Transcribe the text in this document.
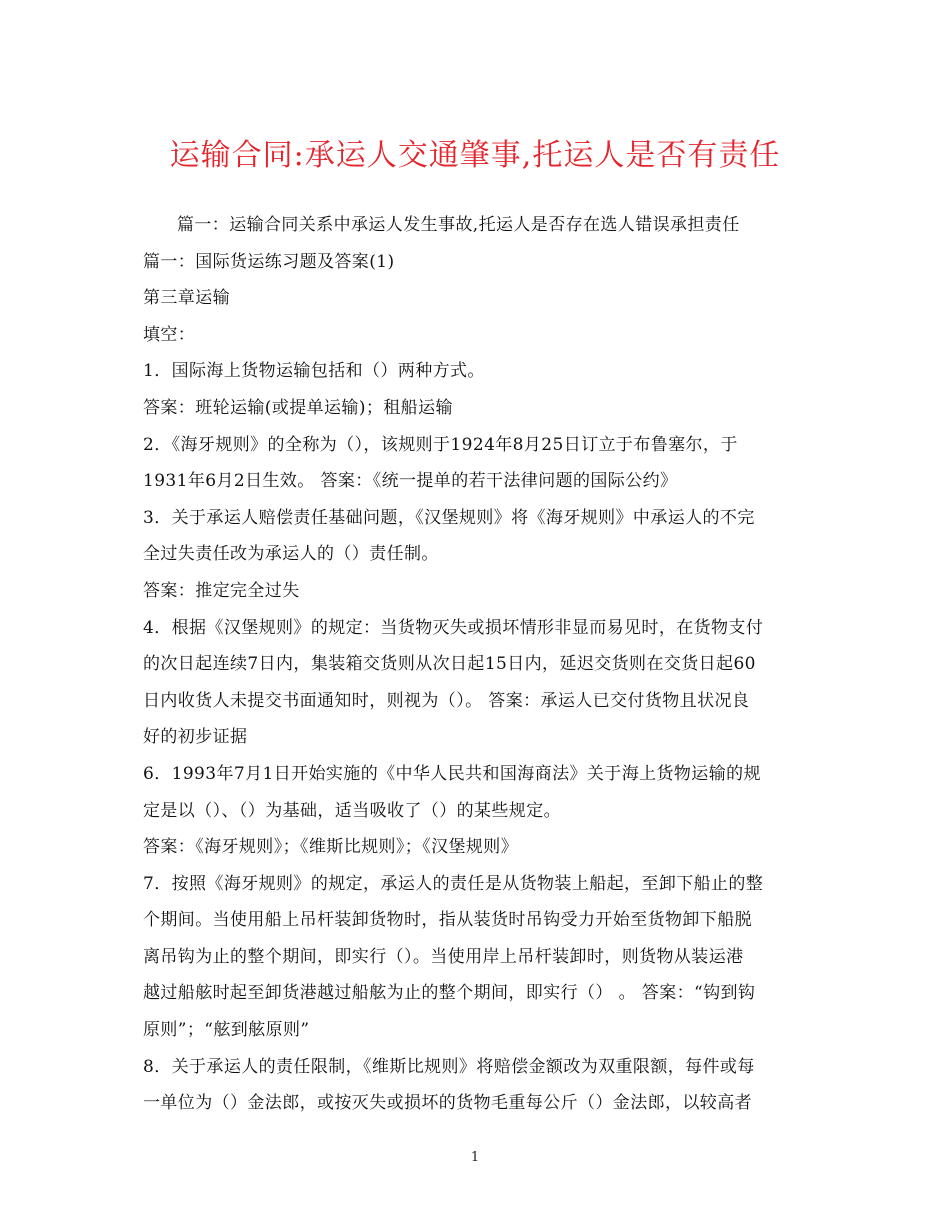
运输合同:承运人交通肇事,托运人是否有责任

篇一：运输合同关系中承运人发生事故,托运人是否存在选人错误承担责任

篇一：国际货运练习题及答案(1)

第三章运输

填空：

1．国际海上货物运输包括和（）两种方式。

答案：班轮运输(或提单运输)；租船运输

2．《海牙规则》的全称为（），该规则于1924年8月25日订立于布鲁塞尔，于

1931年6月2日生效。 答案：《统一提单的若干法律问题的国际公约》

3．关于承运人赔偿责任基础问题，《汉堡规则》将《海牙规则》中承运人的不完

全过失责任改为承运人的（）责任制。

答案：推定完全过失

4．根据《汉堡规则》的规定：当货物灭失或损坏情形非显而易见时，在货物支付

的次日起连续7日内，集装箱交货则从次日起15日内，延迟交货则在交货日起60

日内收货人未提交书面通知时，则视为（）。 答案：承运人已交付货物且状况良

好的初步证据

6．1993年7月1日开始实施的《中华人民共和国海商法》关于海上货物运输的规

定是以（）、（）为基础，适当吸收了（）的某些规定。

答案：《海牙规则》；《维斯比规则》；《汉堡规则》

7．按照《海牙规则》的规定，承运人的责任是从货物装上船起，至卸下船止的整

个期间。当使用船上吊杆装卸货物时，指从装货时吊钩受力开始至货物卸下船脱

离吊钩为止的整个期间，即实行（）。当使用岸上吊杆装卸时，则货物从装运港

越过船舷时起至卸货港越过船舷为止的整个期间，即实行（） 。 答案：“钩到钩

原则”；“舷到舷原则”

8．关于承运人的责任限制，《维斯比规则》将赔偿金额改为双重限额，每件或每

一单位为（）金法郎，或按灭失或损坏的货物毛重每公斤（）金法郎，以较高者

1
